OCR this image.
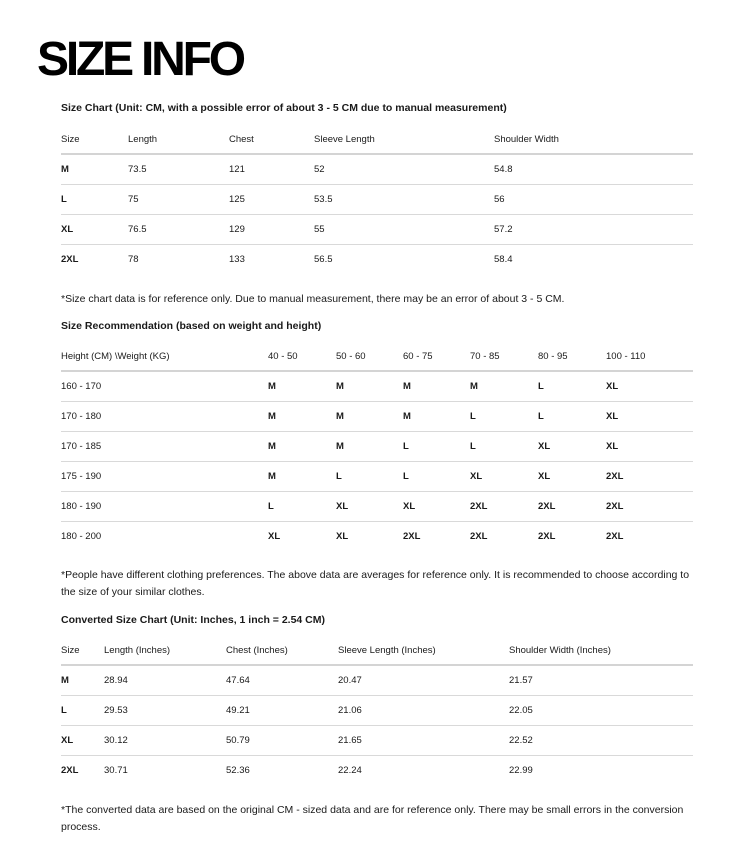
SIZE INFO
Size Chart (Unit: CM, with a possible error of about 3 - 5 CM due to manual measurement)
Size	Length	Chest	Sleeve Length	Shoulder Width
M	73.5	121	52	54.8
L	75	125	53.5	56
XL	76.5	129	55	57.2
2XL	78	133	56.5	58.4

*Size chart data is for reference only. Due to manual measurement, there may be an error of about 3 - 5 CM.

Size Recommendation (based on weight and height)
Height (CM) \Weight (KG)	40 - 50	50 - 60	60 - 75	70 - 85	80 - 95	100 - 110
160 - 170	M	M	M	M	L	XL
170 - 180	M	M	M	L	L	XL
170 - 185	M	M	L	L	XL	XL
175 - 190	M	L	L	XL	XL	2XL
180 - 190	L	XL	XL	2XL	2XL	2XL
180 - 200	XL	XL	2XL	2XL	2XL	2XL

*People have different clothing preferences. The above data are averages for reference only. It is recommended to choose according to the size of your similar clothes.

Converted Size Chart (Unit: Inches, 1 inch = 2.54 CM)
Size	Length (Inches)	Chest (Inches)	Sleeve Length (Inches)	Shoulder Width (Inches)
M	28.94	47.64	20.47	21.57
L	29.53	49.21	21.06	22.05
XL	30.12	50.79	21.65	22.52
2XL	30.71	52.36	22.24	22.99

*The converted data are based on the original CM - sized data and are for reference only. There may be small errors in the conversion process.
